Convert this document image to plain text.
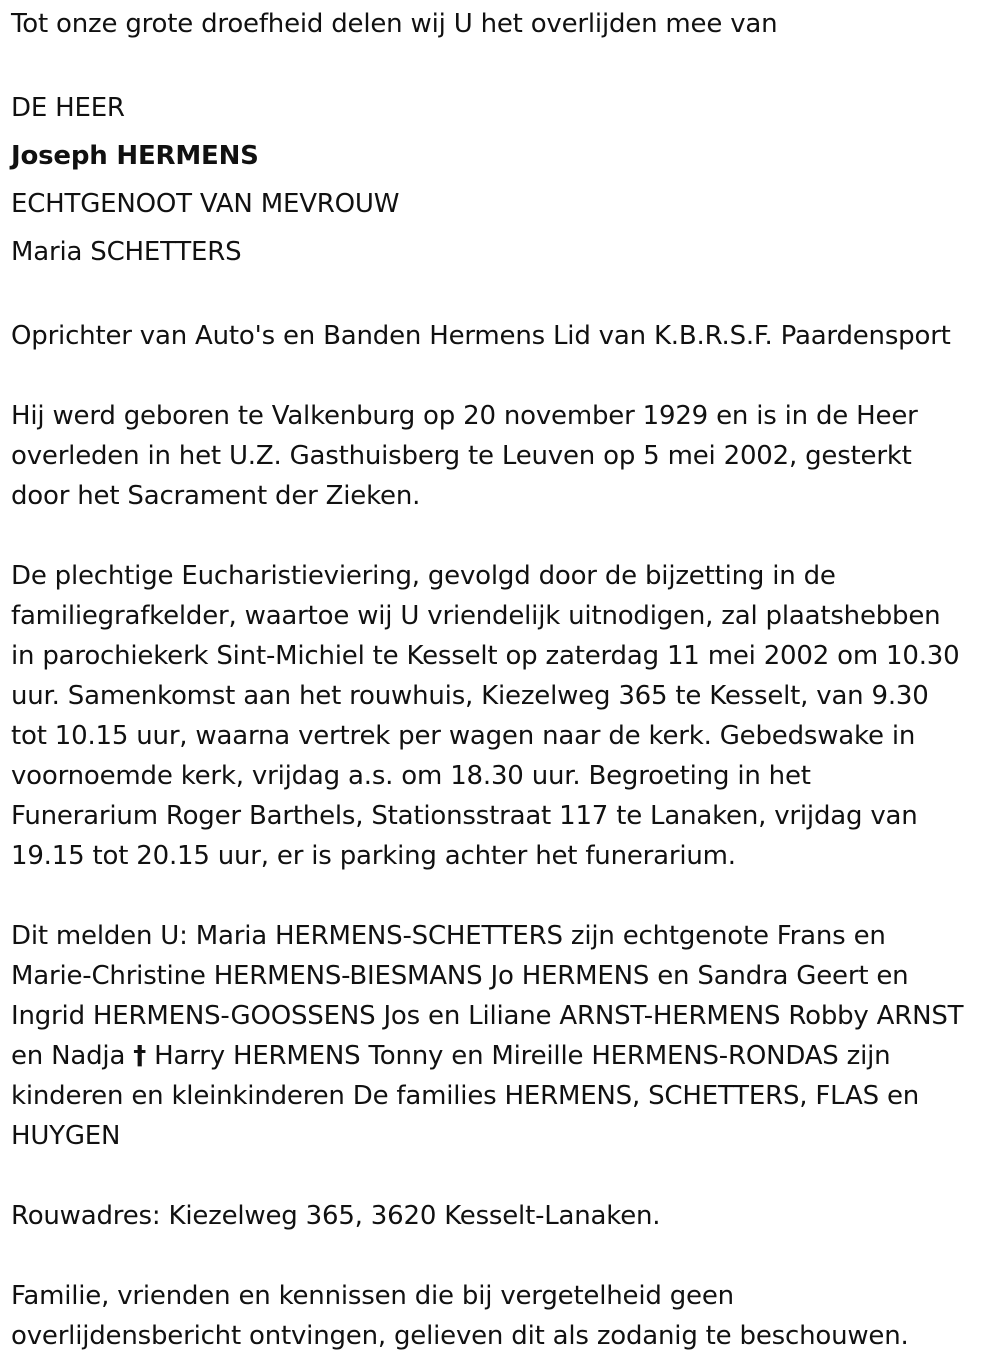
Tot onze grote droefheid delen wij U het overlijden mee van

DE HEER

Joseph HERMENS

ECHTGENOOT VAN MEVROUW

Maria SCHETTERS

Oprichter van Auto's en Banden Hermens Lid van K.B.R.S.F. Paardensport

Hij werd geboren te Valkenburg op 20 november 1929 en is in de Heer

overleden in het U.Z. Gasthuisberg te Leuven op 5 mei 2002, gesterkt

door het Sacrament der Zieken.

De plechtige Eucharistieviering, gevolgd door de bijzetting in de

familiegrafkelder, waartoe wij U vriendelijk uitnodigen, zal plaatshebben

in parochiekerk Sint-Michiel te Kesselt op zaterdag 11 mei 2002 om 10.30

uur. Samenkomst aan het rouwhuis, Kiezelweg 365 te Kesselt, van 9.30

tot 10.15 uur, waarna vertrek per wagen naar de kerk. Gebedswake in

voornoemde kerk, vrijdag a.s. om 18.30 uur. Begroeting in het

Funerarium Roger Barthels, Stationsstraat 117 te Lanaken, vrijdag van

19.15 tot 20.15 uur, er is parking achter het funerarium.

Dit melden U: Maria HERMENS-SCHETTERS zijn echtgenote Frans en

Marie-Christine HERMENS-BIESMANS Jo HERMENS en Sandra Geert en

Ingrid HERMENS-GOOSSENS Jos en Liliane ARNST-HERMENS Robby ARNST

en Nadja † Harry HERMENS Tonny en Mireille HERMENS-RONDAS zijn

kinderen en kleinkinderen De families HERMENS, SCHETTERS, FLAS en

HUYGEN

Rouwadres: Kiezelweg 365, 3620 Kesselt-Lanaken.

Familie, vrienden en kennissen die bij vergetelheid geen

overlijdensbericht ontvingen, gelieven dit als zodanig te beschouwen.
